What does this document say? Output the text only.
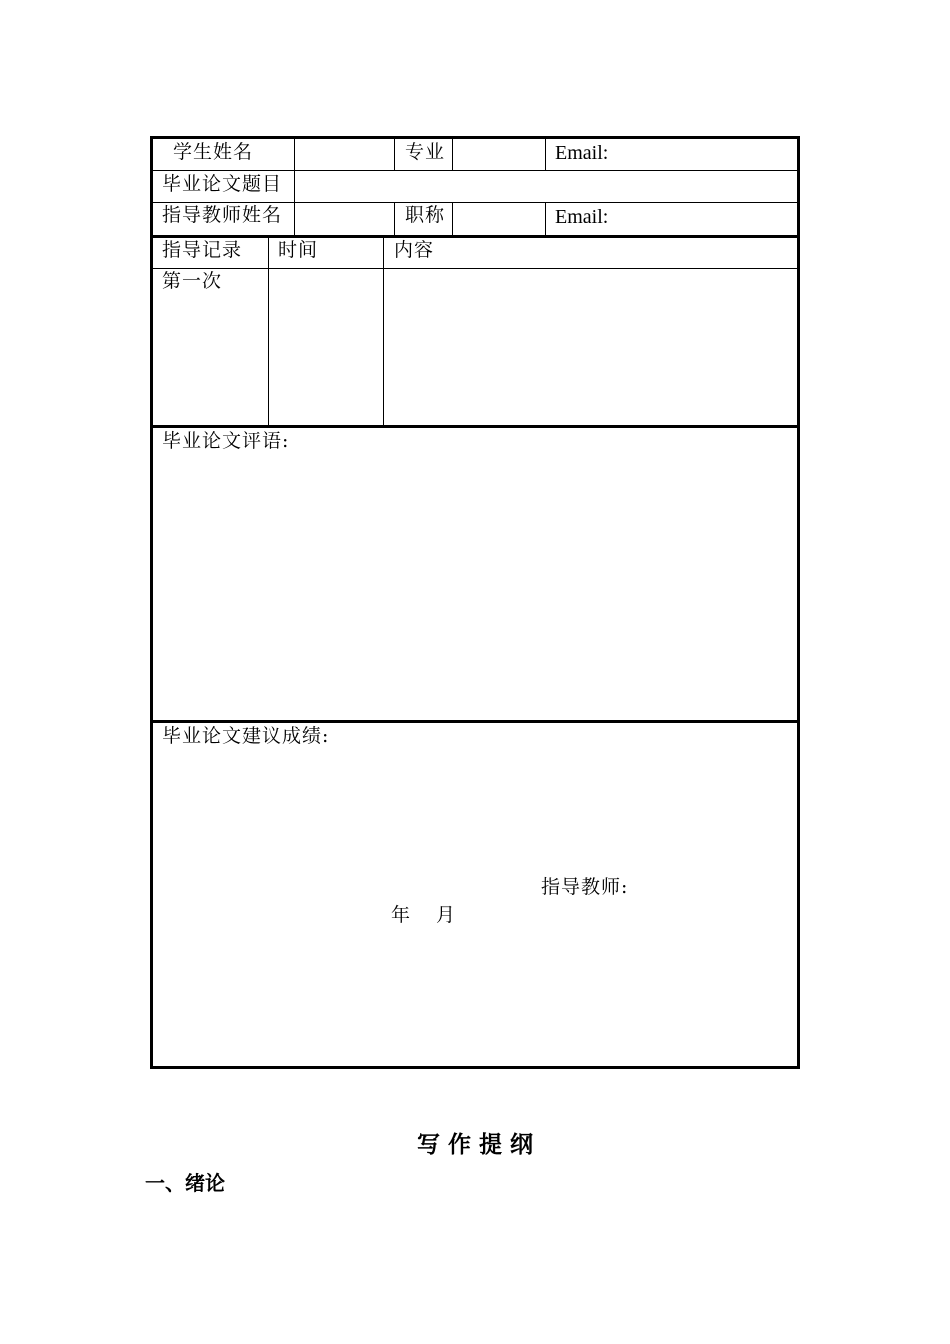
学生姓名	专业	Email:
毕业论文题目
指导教师姓名	职称	Email:
指导记录 时间	内容
第一次
毕业论文评语:
毕业论文建议成绩:
指导教师:
年 月
写 作 提 纲
一、绪论
